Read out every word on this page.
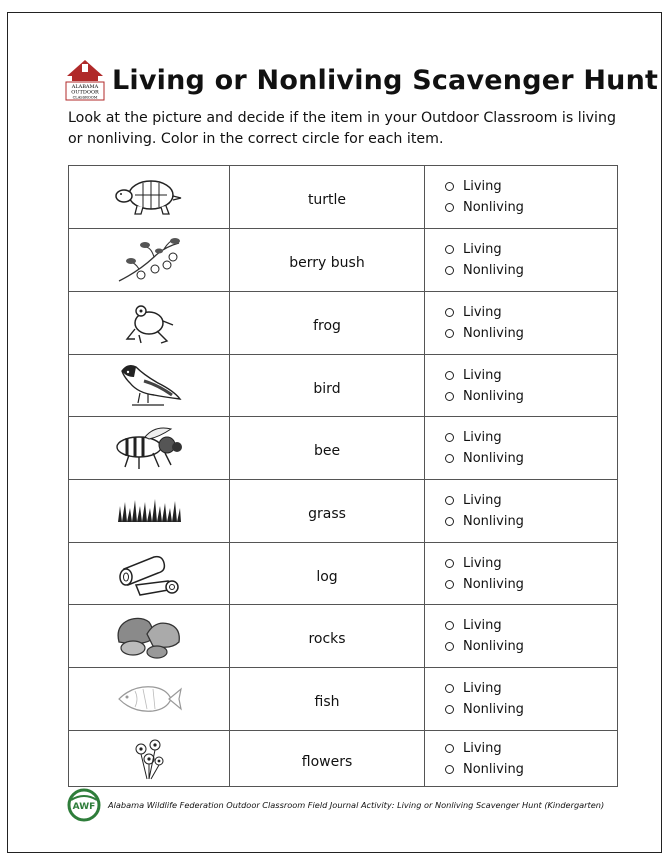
ALABAMA
OUTDOOR
CLASSROOM
Living or Nonliving Scavenger Hunt
Look at the picture and decide if the item in your Outdoor Classroom is living or nonliving. Color in the correct circle for each item.
	turtle	Living
Nonliving

	berry bush	Living
Nonliving

	frog	Living
Nonliving

	bird	Living
Nonliving

	bee	Living
Nonliving

	grass	Living
Nonliving

	log	Living
Nonliving

	rocks	Living
Nonliving

	fish	Living
Nonliving

	flowers	Living
Nonliving
AWF Alabama Wildlife Federation Outdoor Classroom Field Journal Activity: Living or Nonliving Scavenger Hunt (Kindergarten)
